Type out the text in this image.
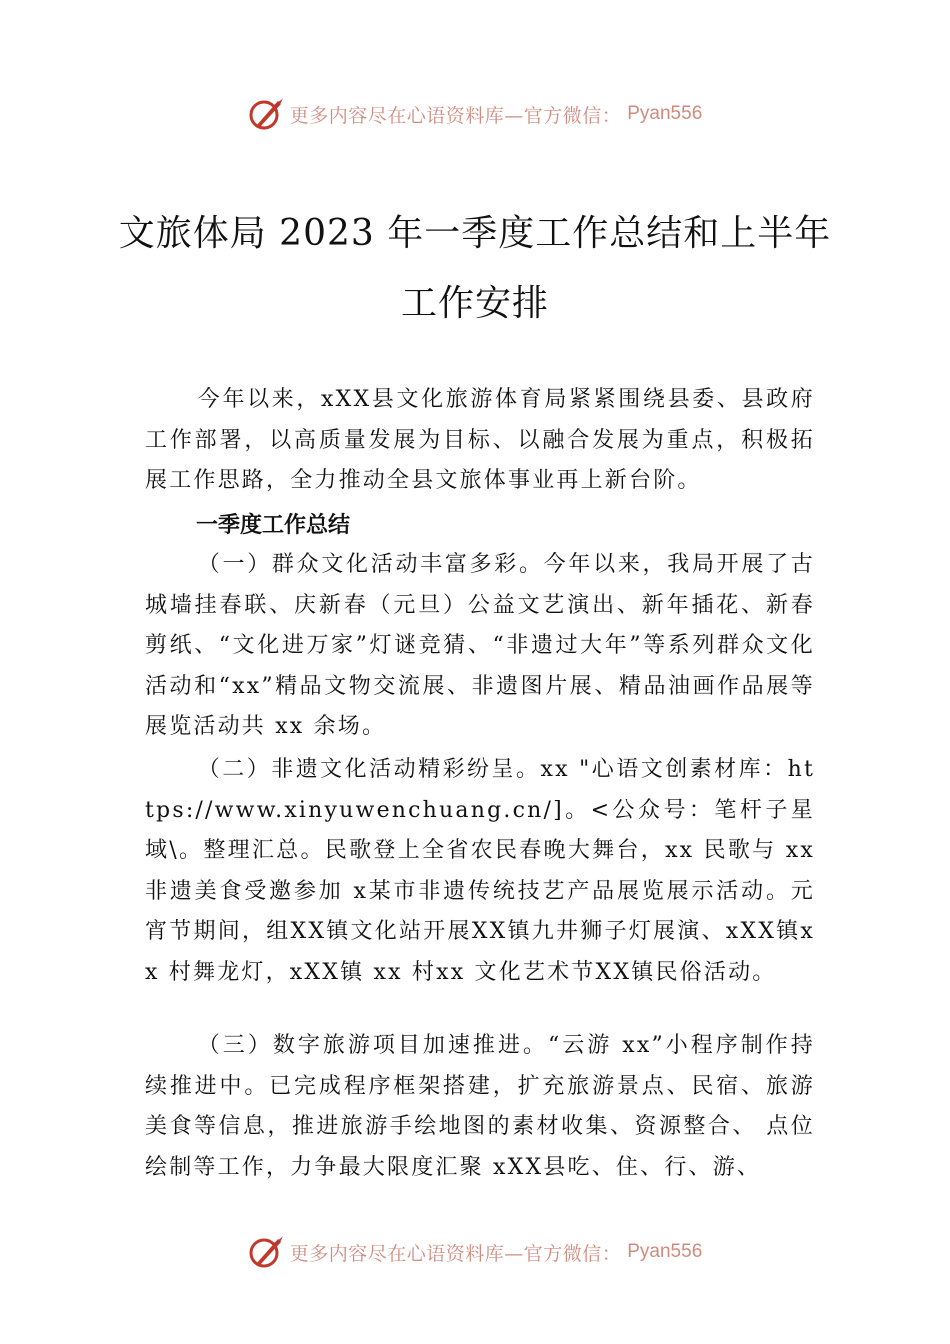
更多内容尽在心语资料库—官方微信： Pyan556
文旅体局 2023 年一季度工作总结和上半年
工作安排

今年以来，xXX县文化旅游体育局紧紧围绕县委、县政府工作部署，以高质量发展为目标、以融合发展为重点，积极拓展工作思路，全力推动全县文旅体事业再上新台阶。

一季度工作总结

（一）群众文化活动丰富多彩。今年以来，我局开展了古城墙挂春联、庆新春（元旦）公益文艺演出、新年插花、新春剪纸、“文化进万家”灯谜竞猜、“非遗过大年”等系列群众文化活动和“xx”精品文物交流展、非遗图片展、精品油画作品展等展览活动共 xx 余场。

（二）非遗文化活动精彩纷呈。xx "心语文创素材库：https://www.xinyuwenchuang.cn/]。<公众号：笔杆子星域\。整理汇总。民歌登上全省农民春晚大舞台，xx 民歌与 xx 非遗美食受邀参加 x某市非遗传统技艺产品展览展示活动。元宵节期间，组XX镇文化站开展XX镇九井狮子灯展演、xXX镇xx 村舞龙灯，xXX镇 xx 村xx 文化艺术节XX镇民俗活动。

（三）数字旅游项目加速推进。“云游 xx”小程序制作持续推进中。已完成程序框架搭建，扩充旅游景点、民宿、旅游美食等信息，推进旅游手绘地图的素材收集、资源整合、 点位绘制等工作，力争最大限度汇聚 xXX县吃、住、行、游、

更多内容尽在心语资料库—官方微信： Pyan556
